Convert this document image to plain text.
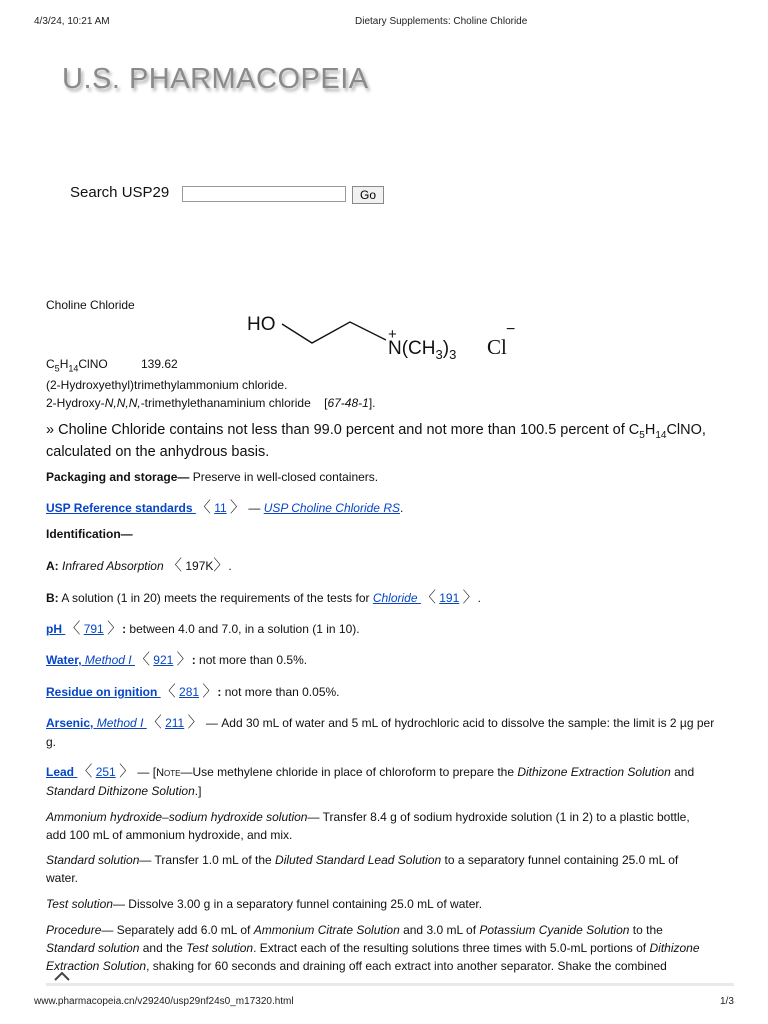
4/3/24, 10:21 AM	Dietary Supplements: Choline Chloride
U.S. PHARMACOPEIA
Search USP29	Go
Choline Chloride
HO	+
$N(CH_3)_3$ Cl
−
$C_5H_{14}ClNO$	139.62
(2-Hydroxyethyl)trimethylammonium chloride.
2-Hydroxy-N,N,N,-trimethylethanaminium chloride    [67-48-1].
» Choline Chloride contains not less than 99.0 percent and not more than 100.5 percent of $C_5H_{14}ClNO$,
calculated on the anhydrous basis.
Packaging and storage— Preserve in well-closed containers.
USP Reference standards 〈 11 〉 — USP Choline Chloride RS.
Identification—
A: Infrared Absorption 〈 197K〉.
B: A solution (1 in 20) meets the requirements of the tests for Chloride 〈 191 〉.
pH 〈 791 〉: between 4.0 and 7.0, in a solution (1 in 10).
Water, Method I 〈 921 〉: not more than 0.5%.
Residue on ignition 〈 281 〉: not more than 0.05%.
Arsenic, Method I 〈 211 〉 — Add 30 mL of water and 5 mL of hydrochloric acid to dissolve the sample: the limit is 2 µg per
g.
Lead 〈 251 〉 — [Note—Use methylene chloride in place of chloroform to prepare the Dithizone Extraction Solution and
Standard Dithizone Solution.]
Ammonium hydroxide–sodium hydroxide solution— Transfer 8.4 g of sodium hydroxide solution (1 in 2) to a plastic bottle,
add 100 mL of ammonium hydroxide, and mix.
Standard solution— Transfer 1.0 mL of the Diluted Standard Lead Solution to a separatory funnel containing 25.0 mL of
water.
Test solution— Dissolve 3.00 g in a separatory funnel containing 25.0 mL of water.
Procedure— Separately add 6.0 mL of Ammonium Citrate Solution and 3.0 mL of Potassium Cyanide Solution to the
Standard solution and the Test solution. Extract each of the resulting solutions three times with 5.0-mL portions of Dithizone
Extraction Solution, shaking for 60 seconds and draining off each extract into another separator. Shake the combined
www.pharmacopeia.cn/v29240/usp29nf24s0_m17320.html	1/3
